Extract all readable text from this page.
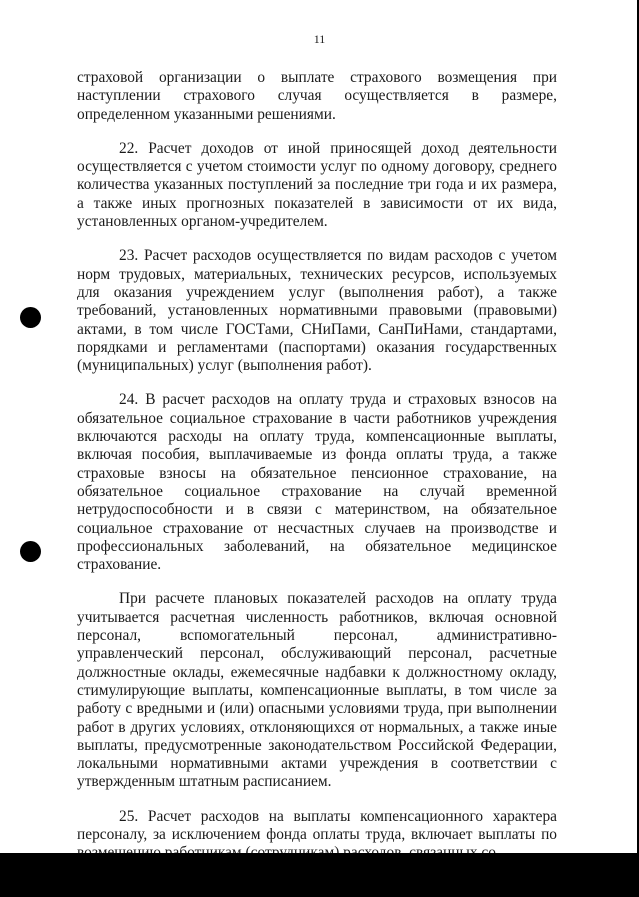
11

страховой организации о выплате страхового возмещения при наступлении страхового случая осуществляется в размере, определенном указанными решениями.

22. Расчет доходов от иной приносящей доход деятельности осуществляется с учетом стоимости услуг по одному договору, среднего количества указанных поступлений за последние три года и их размера, а также иных прогнозных показателей в зависимости от их вида, установленных органом-учредителем.

23. Расчет расходов осуществляется по видам расходов с учетом норм трудовых, материальных, технических ресурсов, используемых для оказания учреждением услуг (выполнения работ), а также требований, установленных нормативными правовыми (правовыми) актами, в том числе ГОСТами, СНиПами, СанПиНами, стандартами, порядками и регламентами (паспортами) оказания государственных (муниципальных) услуг (выполнения работ).

24. В расчет расходов на оплату труда и страховых взносов на обязательное социальное страхование в части работников учреждения включаются расходы на оплату труда, компенсационные выплаты, включая пособия, выплачиваемые из фонда оплаты труда, а также страховые взносы на обязательное пенсионное страхование, на обязательное социальное страхование на случай временной нетрудоспособности и в связи с материнством, на обязательное социальное страхование от несчастных случаев на производстве и профессиональных заболеваний, на обязательное медицинское страхование.

При расчете плановых показателей расходов на оплату труда учитывается расчетная численность работников, включая основной персонал, вспомогательный персонал, административно-управленческий персонал, обслуживающий персонал, расчетные должностные оклады, ежемесячные надбавки к должностному окладу, стимулирующие выплаты, компенсационные выплаты, в том числе за работу с вредными и (или) опасными условиями труда, при выполнении работ в других условиях, отклоняющихся от нормальных, а также иные выплаты, предусмотренные законодательством Российской Федерации, локальными нормативными актами учреждения в соответствии с утвержденным штатным расписанием.

25. Расчет расходов на выплаты компенсационного характера персоналу, за исключением фонда оплаты труда, включает выплаты по
